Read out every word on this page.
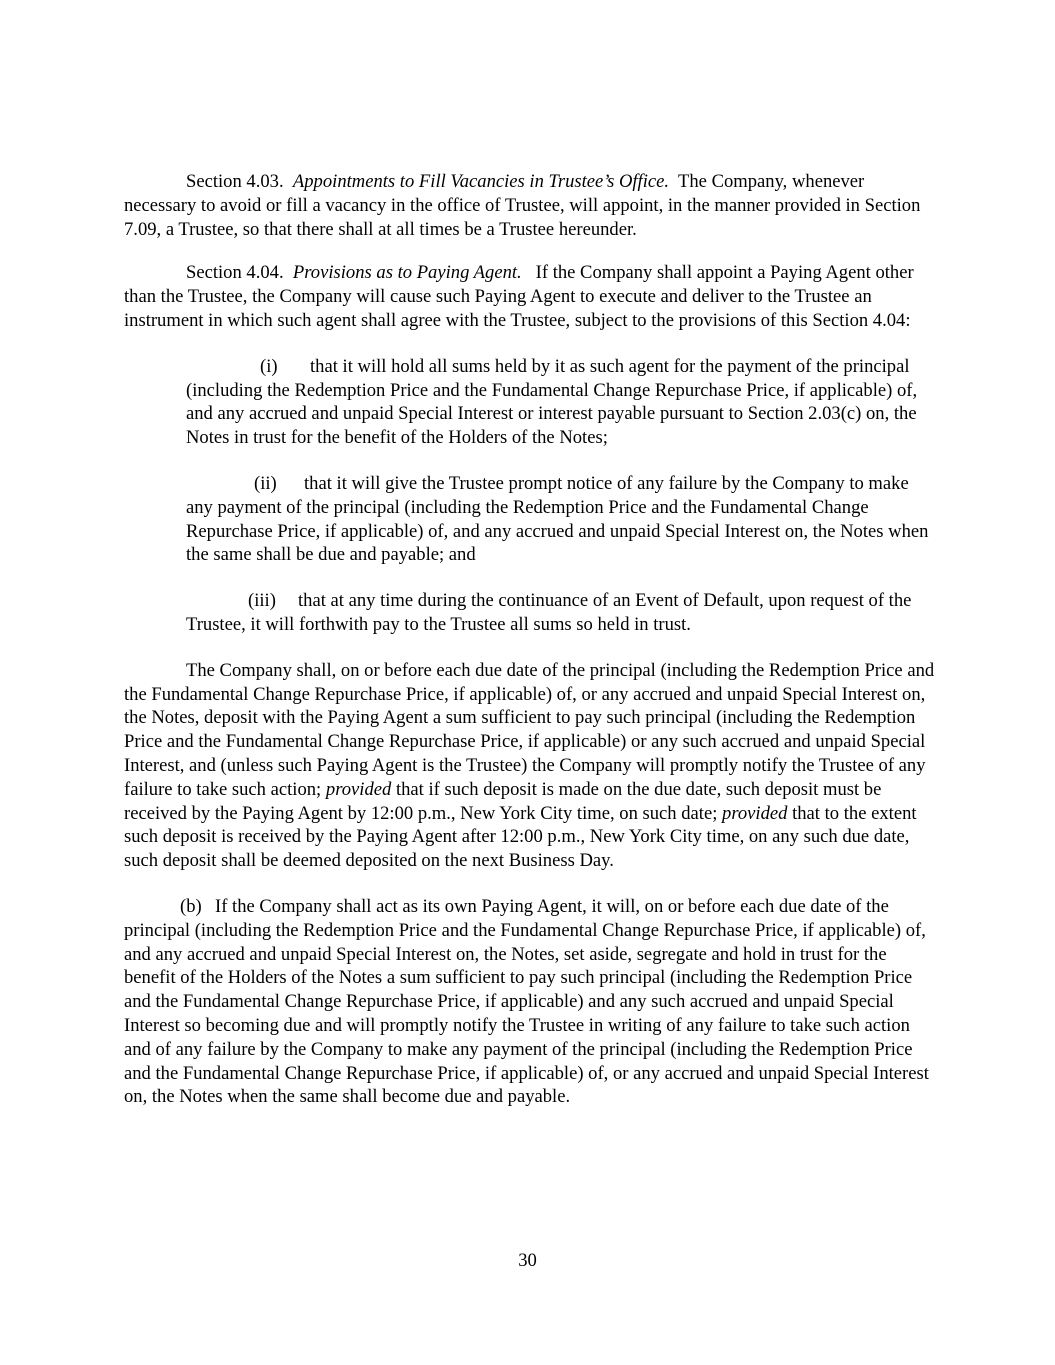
Section 4.03. Appointments to Fill Vacancies in Trustee’s Office. The Company, whenever necessary to avoid or fill a vacancy in the office of Trustee, will appoint, in the manner provided in Section 7.09, a Trustee, so that there shall at all times be a Trustee hereunder.

Section 4.04. Provisions as to Paying Agent. If the Company shall appoint a Paying Agent other than the Trustee, the Company will cause such Paying Agent to execute and deliver to the Trustee an instrument in which such agent shall agree with the Trustee, subject to the provisions of this Section 4.04:

(i) that it will hold all sums held by it as such agent for the payment of the principal (including the Redemption Price and the Fundamental Change Repurchase Price, if applicable) of, and any accrued and unpaid Special Interest or interest payable pursuant to Section 2.03(c) on, the Notes in trust for the benefit of the Holders of the Notes;

(ii) that it will give the Trustee prompt notice of any failure by the Company to make any payment of the principal (including the Redemption Price and the Fundamental Change Repurchase Price, if applicable) of, and any accrued and unpaid Special Interest on, the Notes when the same shall be due and payable; and

(iii) that at any time during the continuance of an Event of Default, upon request of the Trustee, it will forthwith pay to the Trustee all sums so held in trust.

The Company shall, on or before each due date of the principal (including the Redemption Price and the Fundamental Change Repurchase Price, if applicable) of, or any accrued and unpaid Special Interest on, the Notes, deposit with the Paying Agent a sum sufficient to pay such principal (including the Redemption Price and the Fundamental Change Repurchase Price, if applicable) or any such accrued and unpaid Special Interest, and (unless such Paying Agent is the Trustee) the Company will promptly notify the Trustee of any failure to take such action; provided that if such deposit is made on the due date, such deposit must be received by the Paying Agent by 12:00 p.m., New York City time, on such date; provided that to the extent such deposit is received by the Paying Agent after 12:00 p.m., New York City time, on any such due date, such deposit shall be deemed deposited on the next Business Day.

(b) If the Company shall act as its own Paying Agent, it will, on or before each due date of the principal (including the Redemption Price and the Fundamental Change Repurchase Price, if applicable) of, and any accrued and unpaid Special Interest on, the Notes, set aside, segregate and hold in trust for the benefit of the Holders of the Notes a sum sufficient to pay such principal (including the Redemption Price and the Fundamental Change Repurchase Price, if applicable) and any such accrued and unpaid Special Interest so becoming due and will promptly notify the Trustee in writing of any failure to take such action and of any failure by the Company to make any payment of the principal (including the Redemption Price and the Fundamental Change Repurchase Price, if applicable) of, or any accrued and unpaid Special Interest on, the Notes when the same shall become due and payable.

30
